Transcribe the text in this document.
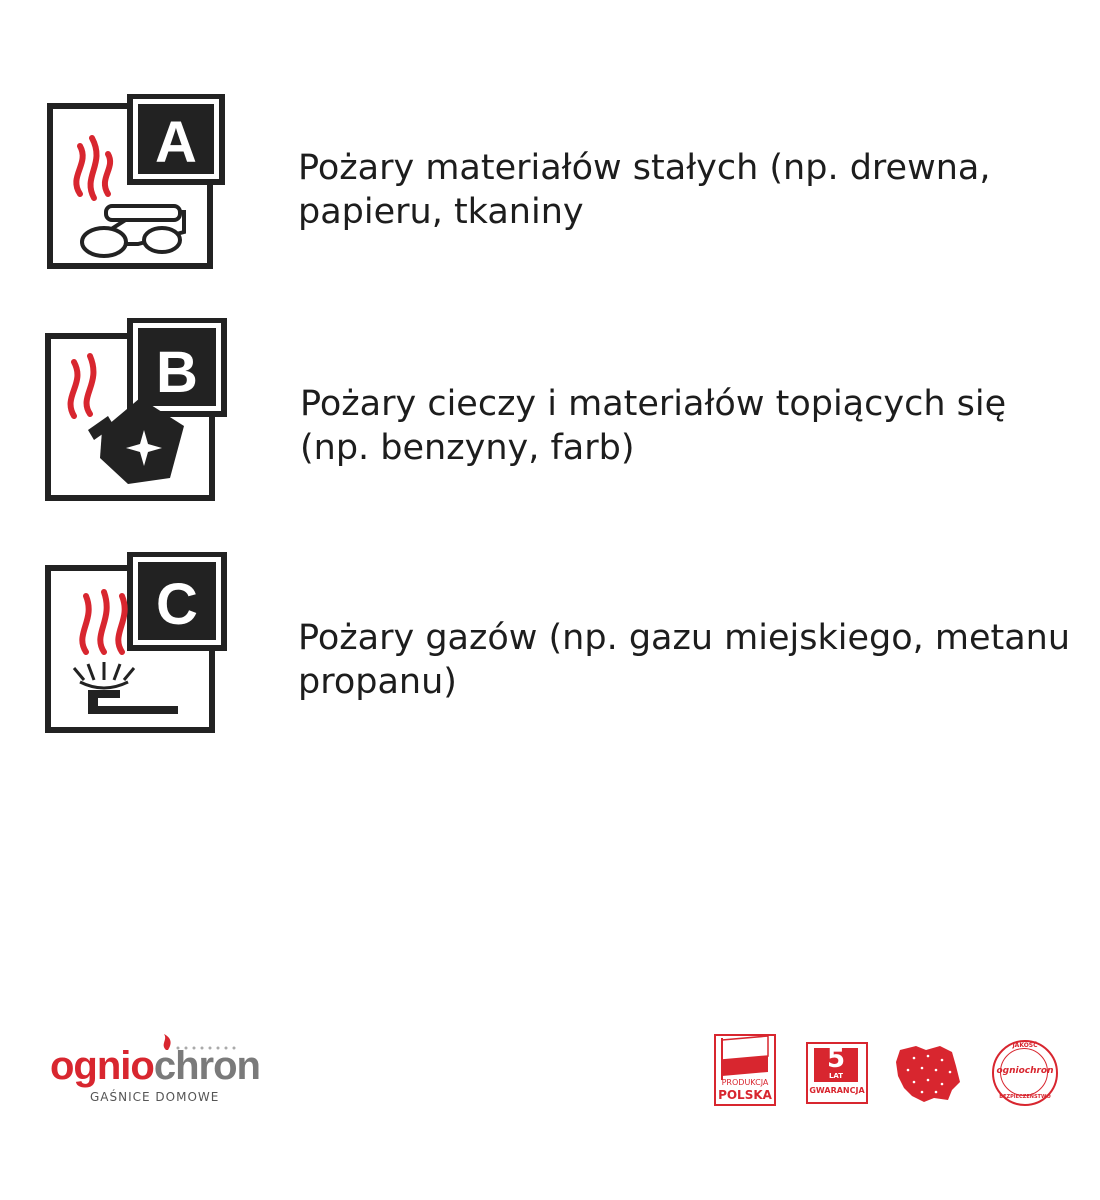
A	Pożary materiałów stałych (np. drewna,
papieru, tkaniny
B	Pożary cieczy i materiałów topiących się
(np. benzyny, farb)
C
Pożary gazów (np. gazu miejskiego, metanu
propanu)
ogniochron
GAŚNICE DOMOWE
PRODUKCJA
POLSKA
5
LAT
GWARANCJA
JAKOŚĆ
ogniochron
BEZPIECZEŃSTWO
